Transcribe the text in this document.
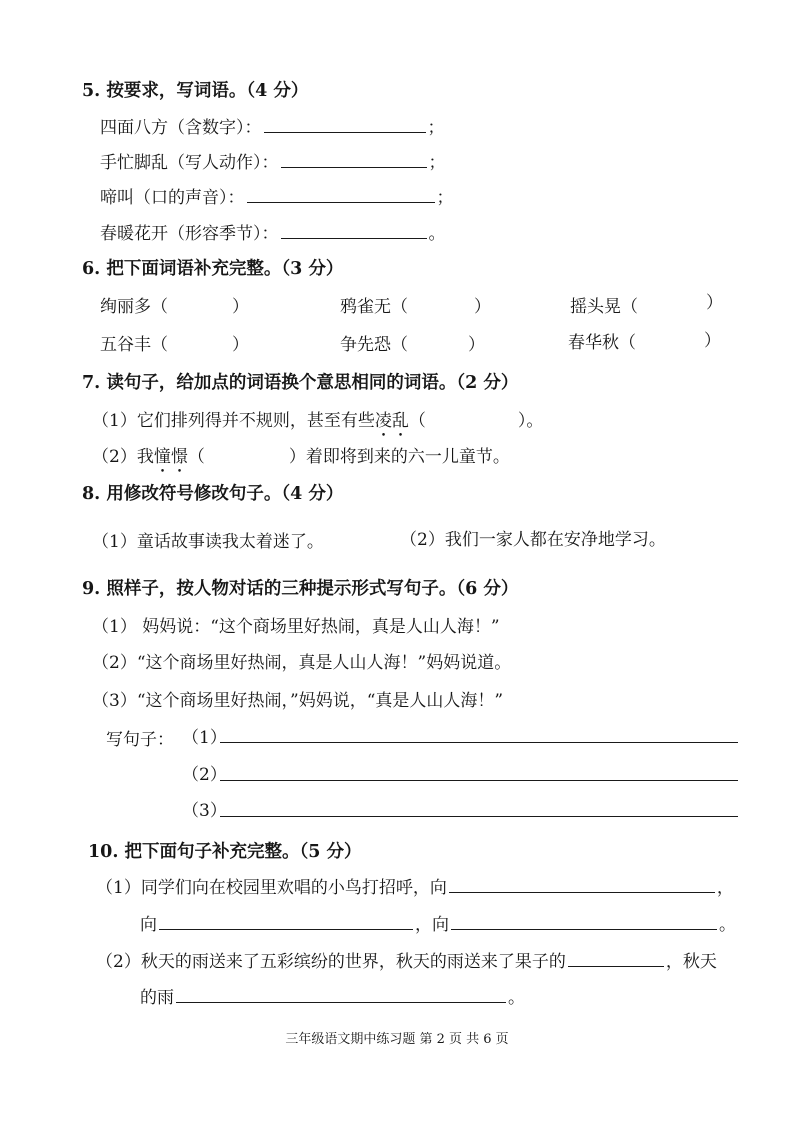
5. 按要求，写词语。（4 分）
四面八方（含数字）：	；
手忙脚乱（写人动作）：	；
啼叫（口的声音）：	；
春暖花开（形容季节）：	。
6. 把下面词语补充完整。（3 分）
绚丽多（	）	鸦雀无（	）	摇头晃（	）
五谷丰（	）	争先恐（	）	春华秋（	）
7. 读句子，给加点的词语换个意思相同的词语。（2 分）
（1）它们排列得并不规则，甚至有些凌乱（	）。
（2）我憧憬（	）着即将到来的六一儿童节。
8. 用修改符号修改句子。（4 分）
（1）童话故事读我太着迷了。	（2）我们一家人都在安净地学习。
9. 照样子，按人物对话的三种提示形式写句子。（6 分）
（1） 妈妈说：“这个商场里好热闹，真是人山人海！”
（2）“这个商场里好热闹，真是人山人海！”妈妈说道。
（3）“这个商场里好热闹，”妈妈说，“真是人山人海！”
写句子： （1）
（2）
（3）
10. 把下面句子补充完整。（5 分）
（1）同学们向在校园里欢唱的小鸟打招呼，向	，
向	，向	。
（2）秋天的雨送来了五彩缤纷的世界，秋天的雨送来了果子的	，秋天
的雨	。
三年级语文期中练习题 第 2 页 共 6 页
